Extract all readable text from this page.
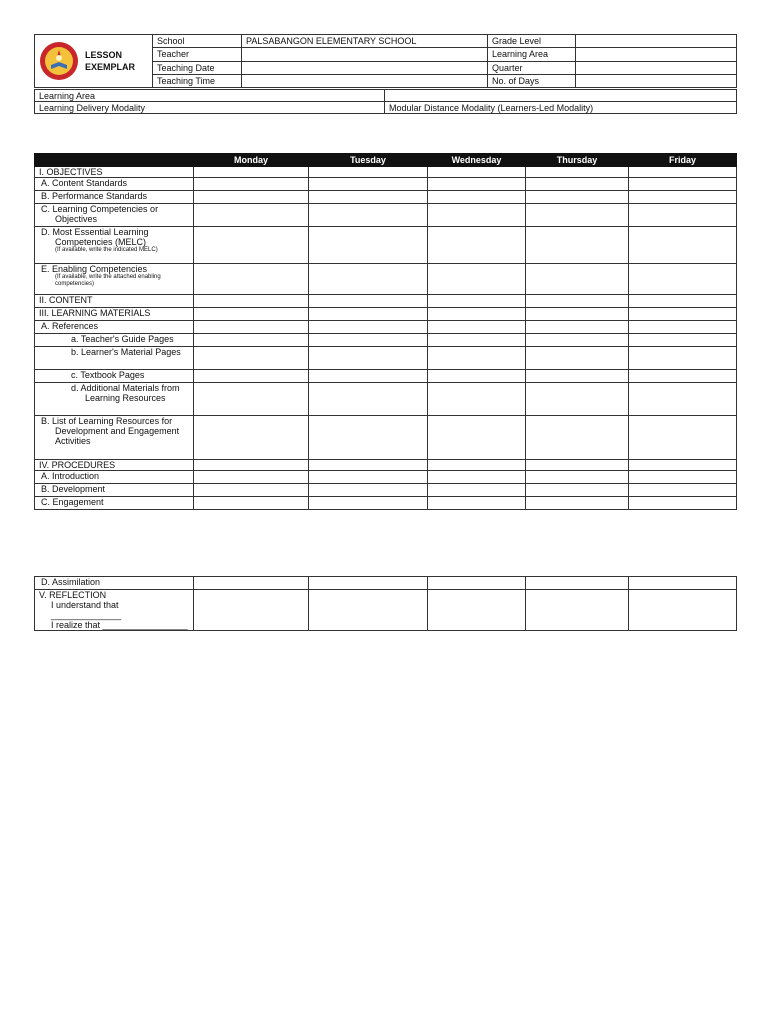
LESSON
EXEMPLAR	School	PALSABANGON ELEMENTARY SCHOOL	Grade Level	
	Teacher		Learning Area	
	Teaching Date		Quarter	
	Teaching Time		No. of Days	
Learning Area	
Learning Delivery Modality	Modular Distance Modality (Learners-Led Modality)
	Monday	Tuesday	Wednesday	Thursday	Friday
I. OBJECTIVES					
A. Content Standards					
B. Performance Standards					
C. Learning Competencies or Objectives					
D. Most Essential Learning Competencies (MELC)
(If available, write the indicated MELC)					

E. Enabling Competencies
(If available, write the attached enabling competencies)					

II. CONTENT					
III. LEARNING MATERIALS					
A. References					
a. Teacher's Guide Pages					
b. Learner's Material Pages					
c. Textbook Pages					
d. Additional Materials from Learning Resources					
B. List of Learning Resources for Development and Engagement Activities					
IV. PROCEDURES					
A. Introduction					
B. Development					
C. Engagement					
D. Assimilation					
V. REFLECTION
I understand that ______________
I realize that _________________					
